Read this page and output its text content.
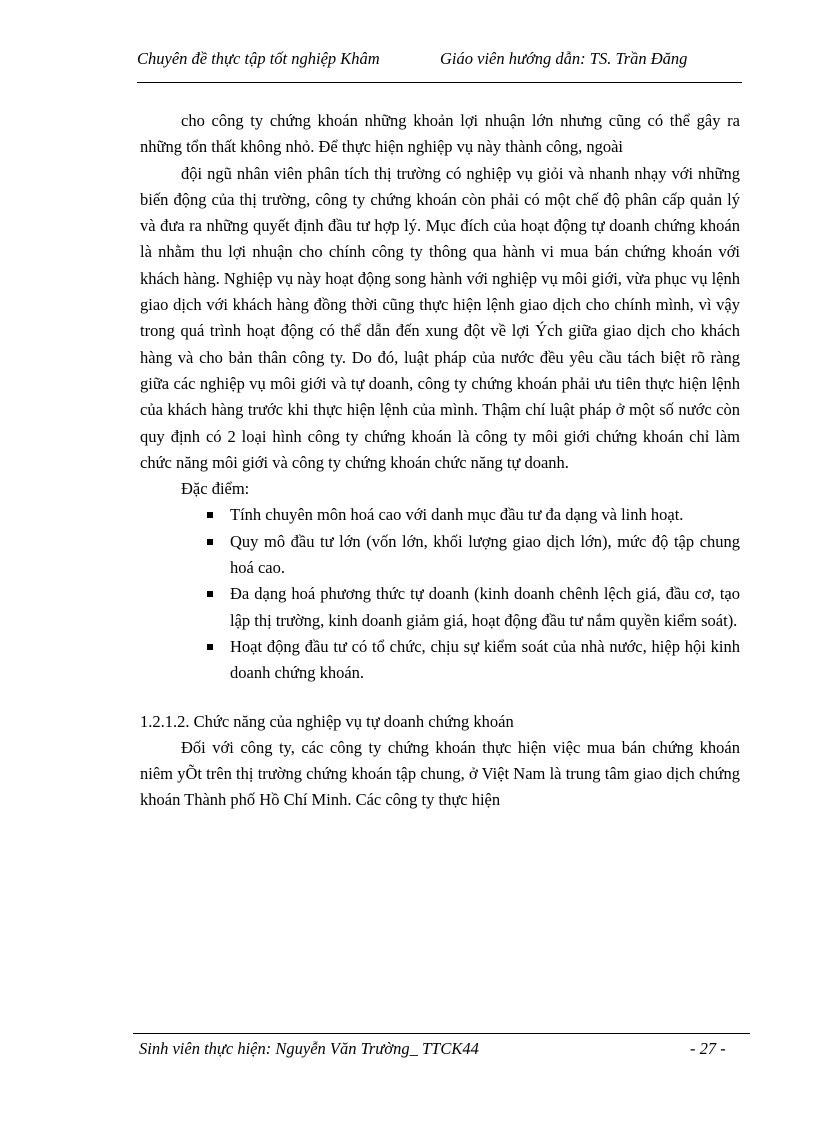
Chuyên đề thực tập tốt nghiệp Khâm	Giáo viên hướng dẫn: TS. Trần Đăng

cho công ty chứng khoán những khoản lợi nhuận lớn nhưng cũng có thể gây ra những tổn thất không nhỏ. Để thực hiện nghiệp vụ này thành công, ngoài

đội ngũ nhân viên phân tích thị trường có nghiệp vụ giỏi và nhanh nhạy với những biến động của thị trường, công ty chứng khoán còn phải có một chế độ phân cấp quản lý và đưa ra những quyết định đầu tư hợp lý. Mục đích của hoạt động tự doanh chứng khoán là nhằm thu lợi nhuận cho chính công ty thông qua hành vi mua bán chứng khoán với khách hàng. Nghiệp vụ này hoạt động song hành với nghiệp vụ môi giới, vừa phục vụ lệnh giao dịch với khách hàng đồng thời cũng thực hiện lệnh giao dịch cho chính mình, vì vậy trong quá trình hoạt động có thể dẫn đến xung đột về lợi Ých giữa giao dịch cho khách hàng và cho bản thân công ty. Do đó, luật pháp của nước đều yêu cầu tách biệt rõ ràng giữa các nghiệp vụ môi giới và tự doanh, công ty chứng khoán phải ưu tiên thực hiện lệnh của khách hàng trước khi thực hiện lệnh của mình. Thậm chí luật pháp ở một số nước còn quy định có 2 loại hình công ty chứng khoán là công ty môi giới chứng khoán chỉ làm chức năng môi giới và công ty chứng khoán chức năng tự doanh.

Đặc điểm:

Tính chuyên môn hoá cao với danh mục đầu tư đa dạng và linh hoạt.
Quy mô đầu tư lớn (vốn lớn, khối lượng giao dịch lớn), mức độ tập chung hoá cao.
Đa dạng hoá phương thức tự doanh (kinh doanh chênh lệch giá, đầu cơ, tạo lập thị trường, kinh doanh giảm giá, hoạt động đầu tư nắm quyền kiểm soát).
Hoạt động đầu tư có tổ chức, chịu sự kiểm soát của nhà nước, hiệp hội kinh doanh chứng khoán.

1.2.1.2. Chức năng của nghiệp vụ tự doanh chứng khoán

Đối với công ty, các công ty chứng khoán thực hiện việc mua bán chứng khoán niêm yÕt trên thị trường chứng khoán tập chung, ở Việt Nam là trung tâm giao dịch chứng khoán Thành phố Hồ Chí Minh. Các công ty thực hiện

Sinh viên thực hiện: Nguyễn Văn Trường_ TTCK44	- 27 -
